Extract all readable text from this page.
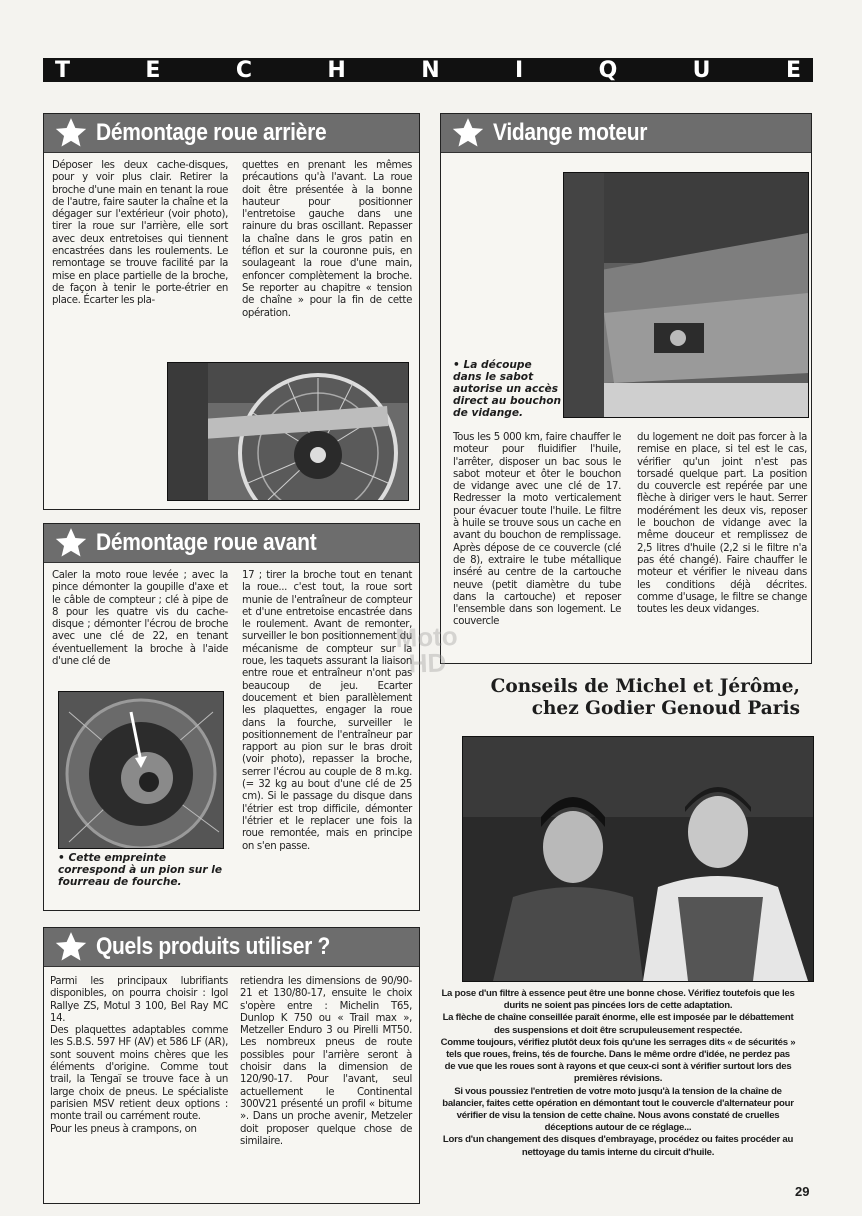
T	E	C	H	N	I	Q	U	E
Démontage roue arrière
Déposer les deux cache-disques, pour y voir plus clair. Retirer la broche d'une main en tenant la roue de l'autre, faire sauter la chaîne et la dégager sur l'extérieur (voir photo), tirer la roue sur l'arrière, elle sort avec deux entretoises qui tiennent encastrées dans les roulements. Le remontage se trouve facilité par la mise en place partielle de la broche, de façon à tenir le porte-étrier en place. Écarter les pla-
quettes en prenant les mêmes précautions qu'à l'avant. La roue doit être présentée à la bonne hauteur pour positionner l'entretoise gauche dans une rainure du bras oscillant. Repasser la chaîne dans le gros patin en téflon et sur la couronne puis, en soulageant la roue d'une main, enfoncer complètement la broche. Se reporter au chapitre « tension de chaîne » pour la fin de cette opération.
Démontage roue avant
Caler la moto roue levée ; avec la pince démonter la goupille d'axe et le câble de compteur ; clé à pipe de 8 pour les quatre vis du cache-disque ; démonter l'écrou de broche avec une clé de 22, en tenant éventuellement la broche à l'aide d'une clé de
17 ; tirer la broche tout en tenant la roue... c'est tout, la roue sort munie de l'entraîneur de compteur et d'une entretoise encastrée dans le roulement. Avant de remonter, surveiller le bon positionnement du mécanisme de compteur sur la roue, les taquets assurant la liaison entre roue et entraîneur n'ont pas beaucoup de jeu. Ecarter doucement et bien parallèlement les plaquettes, engager la roue dans la fourche, surveiller le positionnement de l'entraîneur par rapport au pion sur le bras droit (voir photo), repasser la broche, serrer l'écrou au couple de 8 m.kg. (= 32 kg au bout d'une clé de 25 cm). Si le passage du disque dans l'étrier est trop difficile, démonter l'étrier et le replacer une fois la roue remontée, mais en principe on s'en passe.
• Cette empreinte correspond à un pion sur le fourreau de fourche.
Quels produits utiliser ?
Parmi les principaux lubrifiants disponibles, on pourra choisir : Igol Rallye ZS, Motul 3 100, Bel Ray MC 14.
Des plaquettes adaptables comme les S.B.S. 597 HF (AV) et 586 LF (AR), sont souvent moins chères que les éléments d'origine. Comme tout trail, la Tengaï se trouve face à un large choix de pneus. Le spécialiste parisien MSV retient deux options : monte trail ou carrément route.
Pour les pneus à crampons, on
retiendra les dimensions de 90/90-21 et 130/80-17, ensuite le choix s'opère entre : Michelin T65, Dunlop K 750 ou « Trail max », Metzeller Enduro 3 ou Pirelli MT50. Les nombreux pneus de route possibles pour l'arrière seront à choisir dans la dimension de 120/90-17. Pour l'avant, seul actuellement le Continental 300V21 présenté un profil « bitume ». Dans un proche avenir, Metzeler doit proposer quelque chose de similaire.
Vidange moteur
• La découpe dans le sabot autorise un accès direct au bouchon de vidange.
Tous les 5 000 km, faire chauffer le moteur pour fluidifier l'huile, l'arrêter, disposer un bac sous le sabot moteur et ôter le bouchon de vidange avec une clé de 17. Redresser la moto verticalement pour évacuer toute l'huile. Le filtre à huile se trouve sous un cache en avant du bouchon de remplissage. Après dépose de ce couvercle (clé de 8), extraire le tube métallique inséré au centre de la cartouche neuve (petit diamètre du tube dans la cartouche) et reposer l'ensemble dans son logement. Le couvercle
du logement ne doit pas forcer à la remise en place, si tel est le cas, vérifier qu'un joint n'est pas torsadé quelque part. La position du couvercle est repérée par une flèche à diriger vers le haut. Serrer modérément les deux vis, reposer le bouchon de vidange avec la même douceur et remplissez de 2,5 litres d'huile (2,2 si le filtre n'a pas été changé). Faire chauffer le moteur et vérifier le niveau dans les conditions déjà décrites. comme d'usage, le filtre se change toutes les deux vidanges.
Conseils de Michel et Jérôme,
chez Godier Genoud Paris
La pose d'un filtre à essence peut être une bonne chose. Vérifiez toutefois que les durits ne soient pas pincées lors de cette adaptation.
La flèche de chaîne conseillée paraît énorme, elle est imposée par le débattement des suspensions et doit être scrupuleusement respectée.
Comme toujours, vérifiez plutôt deux fois qu'une les serrages dits « de sécurités » tels que roues, freins, tés de fourche. Dans le même ordre d'idée, ne perdez pas de vue que les roues sont à rayons et que ceux-ci sont à vérifier surtout lors des premières révisions.
Si vous poussiez l'entretien de votre moto jusqu'à la tension de la chaîne de balancier, faites cette opération en démontant tout le couvercle d'alternateur pour vérifier de visu la tension de cette chaîne. Nous avons constaté de cruelles déceptions autour de ce réglage...
Lors d'un changement des disques d'embrayage, procédez ou faites procéder au nettoyage du tamis interne du circuit d'huile.
MotoHD
29
